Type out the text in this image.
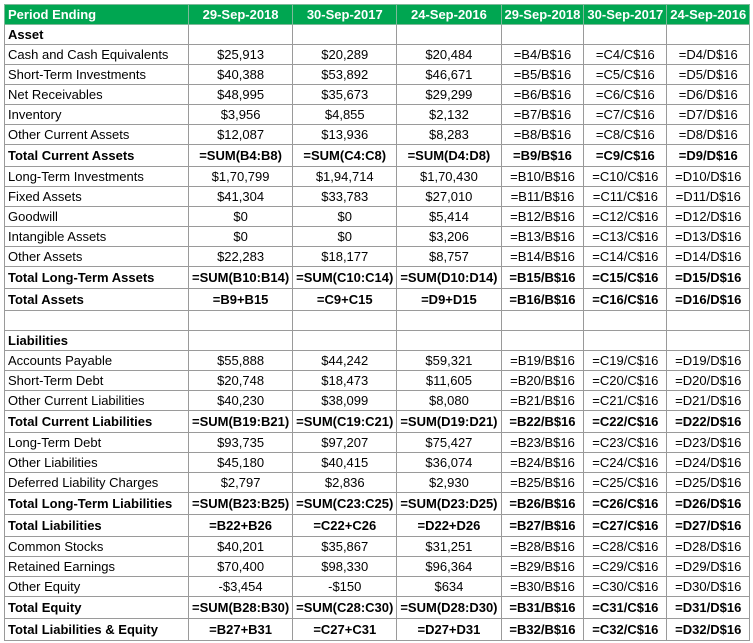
Period Ending	29-Sep-2018	30-Sep-2017	24-Sep-2016	29-Sep-2018	30-Sep-2017	24-Sep-2016
Asset						
Cash and Cash Equivalents	$25,913	$20,289	$20,484	=B4/B$16	=C4/C$16	=D4/D$16
Short-Term Investments	$40,388	$53,892	$46,671	=B5/B$16	=C5/C$16	=D5/D$16
Net Receivables	$48,995	$35,673	$29,299	=B6/B$16	=C6/C$16	=D6/D$16
Inventory	$3,956	$4,855	$2,132	=B7/B$16	=C7/C$16	=D7/D$16
Other Current Assets	$12,087	$13,936	$8,283	=B8/B$16	=C8/C$16	=D8/D$16
Total Current Assets	=SUM(B4:B8)	=SUM(C4:C8)	=SUM(D4:D8)	=B9/B$16	=C9/C$16	=D9/D$16
Long-Term Investments	$1,70,799	$1,94,714	$1,70,430	=B10/B$16	=C10/C$16	=D10/D$16
Fixed Assets	$41,304	$33,783	$27,010	=B11/B$16	=C11/C$16	=D11/D$16
Goodwill	$0	$0	$5,414	=B12/B$16	=C12/C$16	=D12/D$16
Intangible Assets	$0	$0	$3,206	=B13/B$16	=C13/C$16	=D13/D$16
Other Assets	$22,283	$18,177	$8,757	=B14/B$16	=C14/C$16	=D14/D$16
Total Long-Term Assets	=SUM(B10:B14)	=SUM(C10:C14)	=SUM(D10:D14)	=B15/B$16	=C15/C$16	=D15/D$16
Total Assets	=B9+B15	=C9+C15	=D9+D15	=B16/B$16	=C16/C$16	=D16/D$16

Liabilities						
Accounts Payable	$55,888	$44,242	$59,321	=B19/B$16	=C19/C$16	=D19/D$16
Short-Term Debt	$20,748	$18,473	$11,605	=B20/B$16	=C20/C$16	=D20/D$16
Other Current Liabilities	$40,230	$38,099	$8,080	=B21/B$16	=C21/C$16	=D21/D$16
Total Current Liabilities	=SUM(B19:B21)	=SUM(C19:C21)	=SUM(D19:D21)	=B22/B$16	=C22/C$16	=D22/D$16
Long-Term Debt	$93,735	$97,207	$75,427	=B23/B$16	=C23/C$16	=D23/D$16
Other Liabilities	$45,180	$40,415	$36,074	=B24/B$16	=C24/C$16	=D24/D$16
Deferred Liability Charges	$2,797	$2,836	$2,930	=B25/B$16	=C25/C$16	=D25/D$16
Total Long-Term Liabilities	=SUM(B23:B25)	=SUM(C23:C25)	=SUM(D23:D25)	=B26/B$16	=C26/C$16	=D26/D$16
Total Liabilities	=B22+B26	=C22+C26	=D22+D26	=B27/B$16	=C27/C$16	=D27/D$16
Common Stocks	$40,201	$35,867	$31,251	=B28/B$16	=C28/C$16	=D28/D$16
Retained Earnings	$70,400	$98,330	$96,364	=B29/B$16	=C29/C$16	=D29/D$16
Other Equity	-$3,454	-$150	$634	=B30/B$16	=C30/C$16	=D30/D$16
Total Equity	=SUM(B28:B30)	=SUM(C28:C30)	=SUM(D28:D30)	=B31/B$16	=C31/C$16	=D31/D$16
Total Liabilities & Equity	=B27+B31	=C27+C31	=D27+D31	=B32/B$16	=C32/C$16	=D32/D$16
